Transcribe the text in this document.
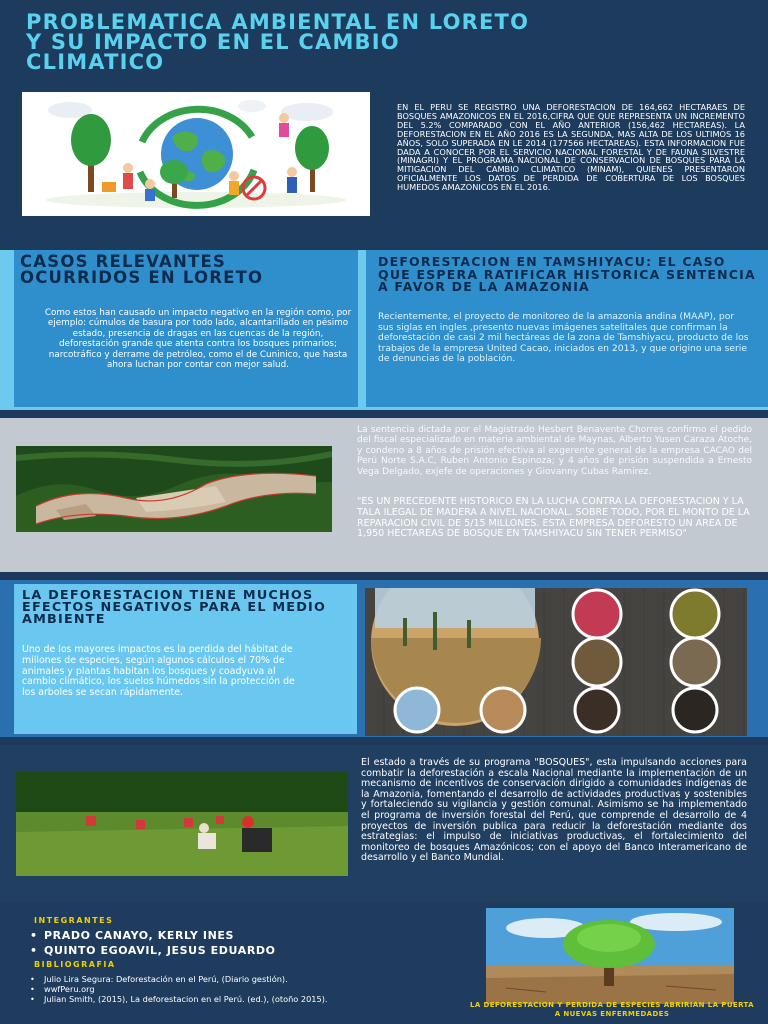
PROBLEMATICA AMBIENTAL EN LORETO Y SU IMPACTO EN EL CAMBIO CLIMATICO

EN EL PERU SE REGISTRO UNA DEFORESTACION DE 164,662 HECTARAES DE BOSQUES AMAZONICOS EN EL 2016,CIFRA QUE QUE REPRESENTA UN INCREMENTO DEL 5.2% COMPARADO CON EL AÑO ANTERIOR (156,462 HECTAREAS). LA DEFORESTACION EN EL AÑO 2016 ES LA SEGUNDA, MAS ALTA DE LOS ULTIMOS 16 AÑOS, SOLO SUPERADA EN LE 2014 (177566 HECTAREAS). ESTA INFORMACION FUE DADA A CONOCER POR EL SERVICIO NACIONAL FORESTAL Y DE FAUNA SILVESTRE (MINAGRI) Y EL PROGRAMA NACIONAL DE CONSERVACION DE BOSQUES PARA LA MITIGACION DEL CAMBIO CLIMATICO (MINAM), QUIENES PRESENTARON OFICIALMENTE LOS DATOS DE PERDIDA DE COBERTURA DE LOS BOSQUES HUMEDOS AMAZONICOS EN EL 2016.

CASOS RELEVANTES OCURRIDOS EN LORETO

Como estos han causado un impacto negativo en la región como, por ejemplo: cúmulos de basura por todo lado, alcantarillado en pésimo estado, presencia de dragas en las cuencas de la región, deforestación grande que atenta contra los bosques primarios; narcotráfico y derrame de petróleo, como el de Cuninico, que hasta ahora luchan por contar con mejor salud.

DEFORESTACION EN TAMSHIYACU: EL CASO QUE ESPERA RATIFICAR HISTORICA SENTENCIA A FAVOR DE LA AMAZONIA

Recientemente, el proyecto de monitoreo de la amazonia andina (MAAP), por sus siglas en ingles ,presento nuevas imágenes satelitales que confirman la deforestación de casi 2 mil hectáreas de la zona de Tamshiyacu, producto de los trabajos de la empresa United Cacao, iniciados en 2013, y que origino una serie de denuncias de la población.

La sentencia dictada por el Magistrado Hesbert Benavente Chorres confirmo el pedido del fiscal especializado en materia ambiental de Maynas, Alberto Yusen Caraza Atoche, y condeno a 8 años de prisión efectiva al exgerente general de la empresa CACAO del Perú Norte S.A.C, Ruben Antonio Espinoza; y 4 años de prisión suspendida a Ernesto Vega Delgado, exjefe de operaciones y Giovanny Cubas Ramirez.

"ES UN PRECEDENTE HISTORICO EN LA LUCHA CONTRA LA DEFORESTACION Y LA TALA ILEGAL DE MADERA A NIVEL NACIONAL. SOBRE TODO, POR EL MONTO DE LA REPARACION CIVIL DE 5/15 MILLONES. ESTA EMPRESA DEFORESTO UN AREA DE 1,950 HECTAREAS DE BOSQUE EN TAMSHIYACU SIN TENER PERMISO"

LA DEFORESTACION TIENE MUCHOS EFECTOS NEGATIVOS PARA EL MEDIO AMBIENTE

Uno de los mayores impactos es la perdida del hábitat de millones de especies, según algunos cálculos el 70% de animales y plantas habitan los bosques y coadyuva al cambio climático, los suelos húmedos sin la protección de los arboles se secan rápidamente.

El estado a través de su programa "BOSQUES", esta impulsando acciones para combatir la deforestación a escala Nacional mediante la implementación de un mecanismo de incentivos de conservación dirigido a comunidades indígenas de la Amazonia, fomentando el desarrollo de actividades productivas y sostenibles y fortaleciendo su vigilancia y gestión comunal. Asimismo se ha implementado el programa de inversión forestal del Perú, que comprende el desarrollo de 4 proyectos de inversión publica para reducir la deforestación mediante dos estrategias: el impulso de iniciativas productivas, el fortalecimiento del monitoreo de bosques Amazónicos; con el apoyo del Banco Interamericano de desarrollo y el Banco Mundial.

INTEGRANTES
• PRADO CANAYO, KERLY INES
• QUINTO EGOAVIL, JESUS EDUARDO
BIBLIOGRAFIA
• Julio Lira Segura: Deforestación en el Perú, (Diario gestión).
• wwfPeru.org
• Julian Smith, (2015), La deforestacion en el Perú. (ed.), (otoño 2015).

LA DEFORESTACION Y PERDIDA DE ESPECIES ABRIRIAN LA PUERTA A NUEVAS ENFERMEDADES
